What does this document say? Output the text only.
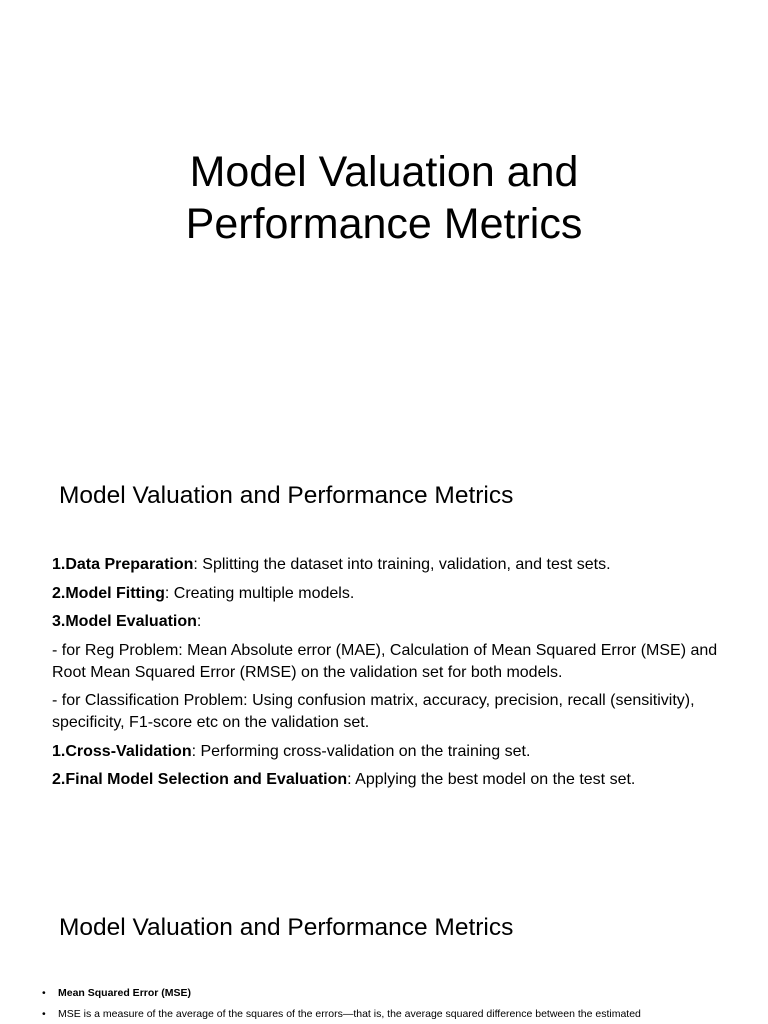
Model Valuation and
Performance Metrics
Model Valuation and Performance Metrics
1.Data Preparation: Splitting the dataset into training, validation, and test sets.
2.Model Fitting: Creating multiple models.
3.Model Evaluation:
- for Reg Problem: Mean Absolute error (MAE), Calculation of Mean Squared Error (MSE) and Root Mean Squared Error (RMSE) on the validation set for both models.
- for Classification Problem: Using confusion matrix, accuracy, precision, recall (sensitivity), specificity, F1-score etc on the validation set.
1.Cross-Validation: Performing cross-validation on the training set.
2.Final Model Selection and Evaluation: Applying the best model on the test set.
Model Valuation and Performance Metrics
• Mean Squared Error (MSE)
• MSE is a measure of the average of the squares of the errors—that is, the average squared difference between the estimated
